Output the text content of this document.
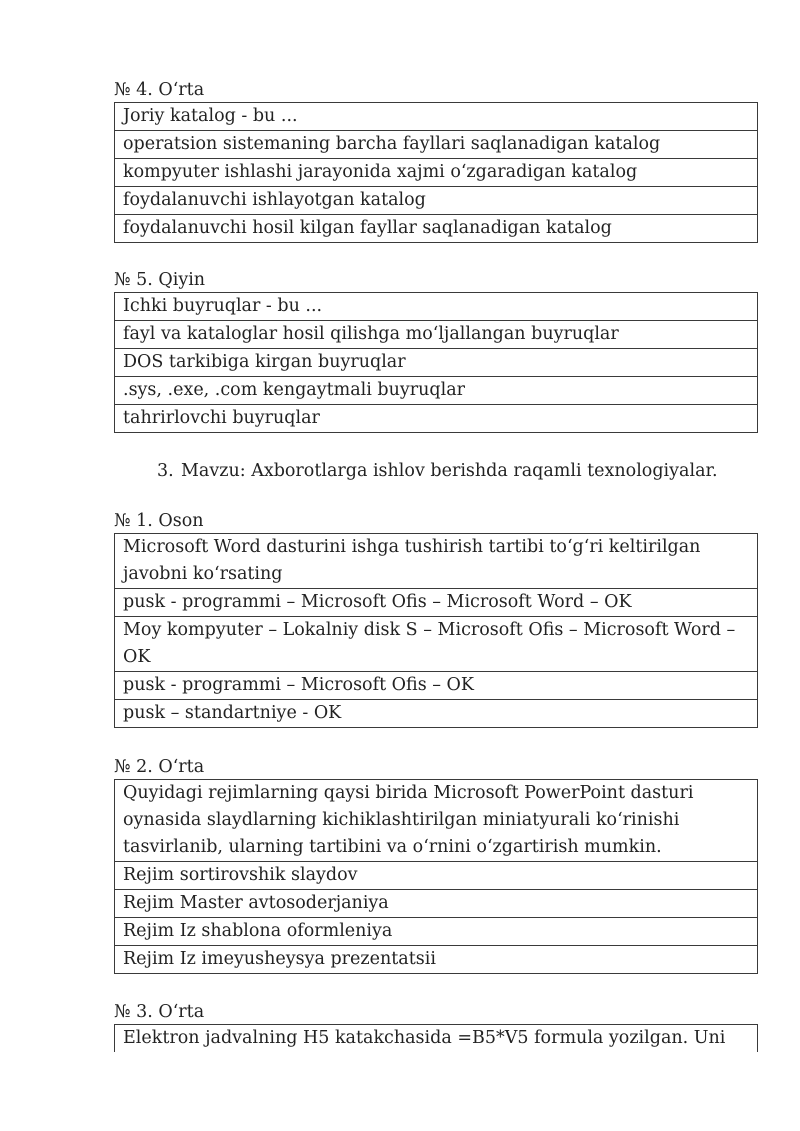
№ 4. O‘rta
Joriy katalog - bu ...
operatsion sistemaning barcha fayllari saqlanadigan katalog
kompyuter ishlashi jarayonida xajmi o‘zgaradigan katalog
foydalanuvchi ishlayotgan katalog
foydalanuvchi hosil kilgan fayllar saqlanadigan katalog
№ 5. Qiyin
Ichki buyruqlar - bu ...
fayl va kataloglar hosil qilishga mo‘ljallangan buyruqlar
DOS tarkibiga kirgan buyruqlar
.sys, .exe, .com kengaytmali buyruqlar
tahrirlovchi buyruqlar
3. Mavzu: Axborotlarga ishlov berishda raqamli texnologiyalar.
№ 1. Oson
Microsoft Word dasturini ishga tushirish tartibi to‘g‘ri keltirilgan javobni ko‘rsating
pusk - programmi – Microsoft Ofis – Microsoft Word – OK
Moy kompyuter – Lokalniy disk S – Microsoft Ofis – Microsoft Word – OK
pusk - programmi – Microsoft Ofis – OK
pusk – standartniye - OK
№ 2. O‘rta
Quyidagi rejimlarning qaysi birida Microsoft PowerPoint dasturi oynasida slaydlarning kichiklashtirilgan miniatyurali ko‘rinishi tasvirlanib, ularning tartibini va o‘rnini o‘zgartirish mumkin.
Rejim sortirovshik slaydov
Rejim Master avtosoderjaniya
Rejim Iz shablona oformleniya
Rejim Iz imeyusheysya prezentatsii
№ 3. O‘rta
Elektron jadvalning H5 katakchasida =B5*V5 formula yozilgan. Uni
